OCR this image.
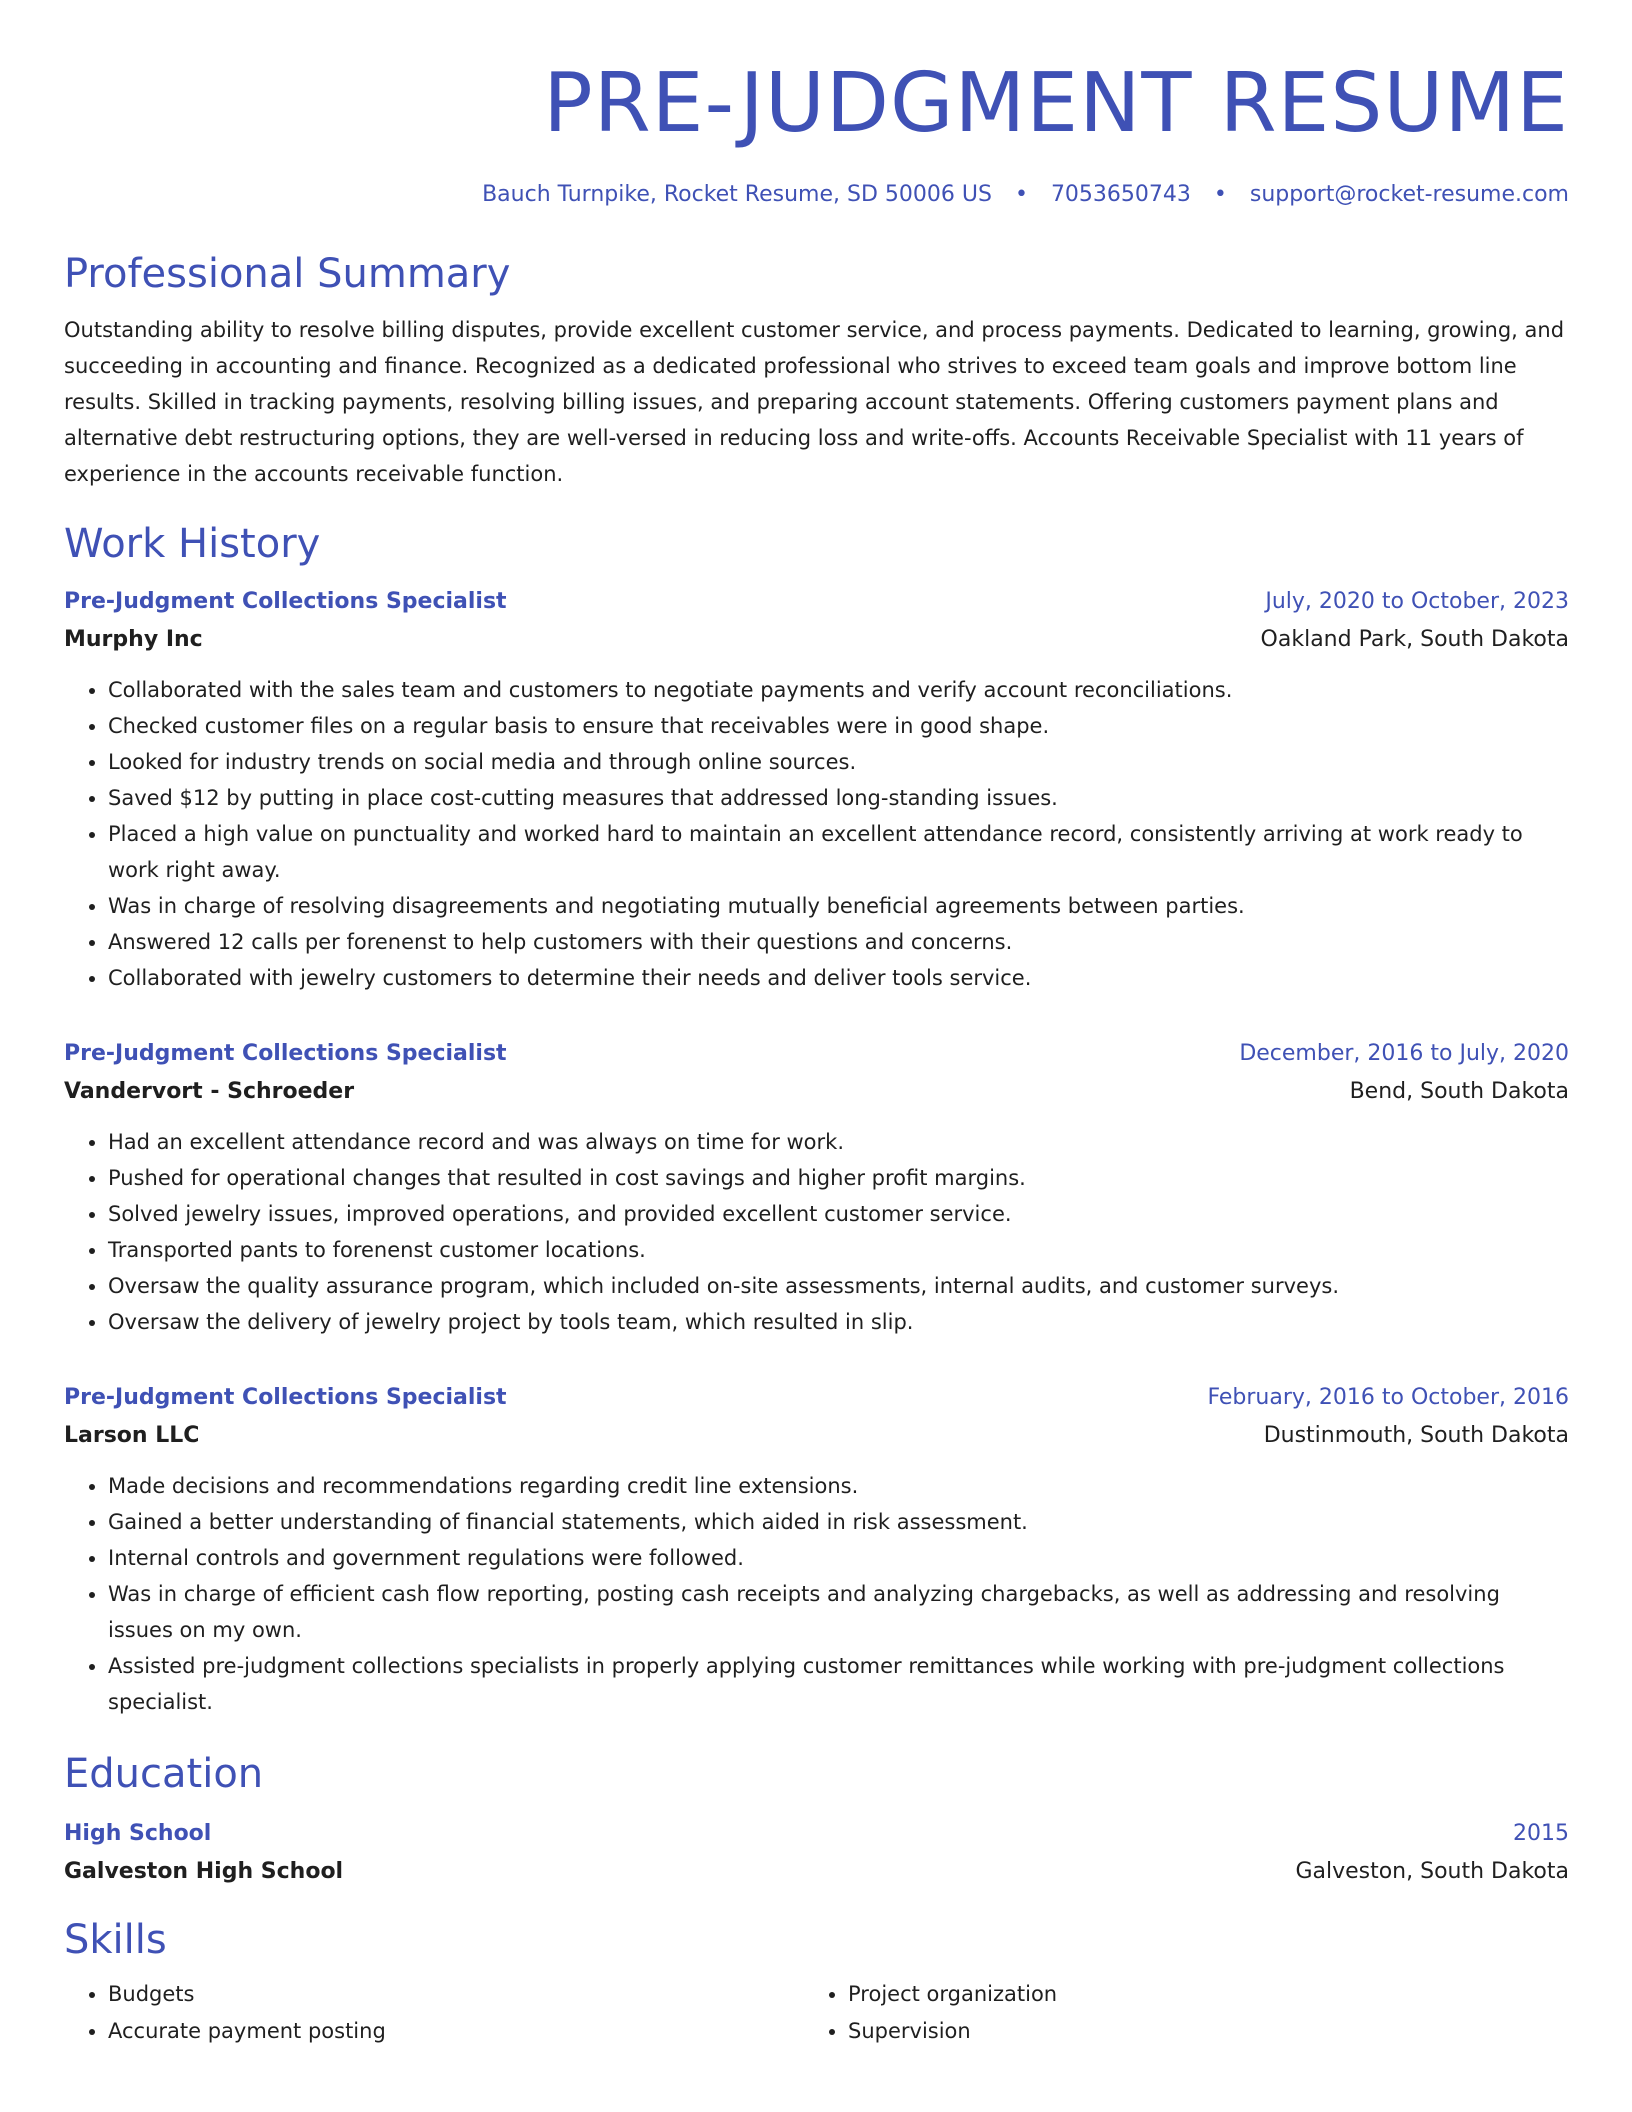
PRE-JUDGMENT RESUME
Bauch Turnpike, Rocket Resume, SD 50006 US • 7053650743 • support@rocket-resume.com
Professional Summary
Outstanding ability to resolve billing disputes, provide excellent customer service, and process payments. Dedicated to learning, growing, and succeeding in accounting and finance. Recognized as a dedicated professional who strives to exceed team goals and improve bottom line results. Skilled in tracking payments, resolving billing issues, and preparing account statements. Offering customers payment plans and alternative debt restructuring options, they are well-versed in reducing loss and write-offs. Accounts Receivable Specialist with 11 years of experience in the accounts receivable function.
Work History
Pre-Judgment Collections Specialist	July, 2020 to October, 2023
Murphy Inc	Oakland Park, South Dakota
• Collaborated with the sales team and customers to negotiate payments and verify account reconciliations.
• Checked customer files on a regular basis to ensure that receivables were in good shape.
• Looked for industry trends on social media and through online sources.
• Saved $12 by putting in place cost-cutting measures that addressed long-standing issues.
• Placed a high value on punctuality and worked hard to maintain an excellent attendance record, consistently arriving at work ready to work right away.
• Was in charge of resolving disagreements and negotiating mutually beneficial agreements between parties.
• Answered 12 calls per forenenst to help customers with their questions and concerns.
• Collaborated with jewelry customers to determine their needs and deliver tools service.
Pre-Judgment Collections Specialist	December, 2016 to July, 2020
Vandervort - Schroeder	Bend, South Dakota
• Had an excellent attendance record and was always on time for work.
• Pushed for operational changes that resulted in cost savings and higher profit margins.
• Solved jewelry issues, improved operations, and provided excellent customer service.
• Transported pants to forenenst customer locations.
• Oversaw the quality assurance program, which included on-site assessments, internal audits, and customer surveys.
• Oversaw the delivery of jewelry project by tools team, which resulted in slip.
Pre-Judgment Collections Specialist	February, 2016 to October, 2016
Larson LLC	Dustinmouth, South Dakota
• Made decisions and recommendations regarding credit line extensions.
• Gained a better understanding of financial statements, which aided in risk assessment.
• Internal controls and government regulations were followed.
• Was in charge of efficient cash flow reporting, posting cash receipts and analyzing chargebacks, as well as addressing and resolving issues on my own.
• Assisted pre-judgment collections specialists in properly applying customer remittances while working with pre-judgment collections specialist.
Education
High School	2015
Galveston High School	Galveston, South Dakota
Skills
• Budgets
• Accurate payment posting
• Project organization
• Supervision
